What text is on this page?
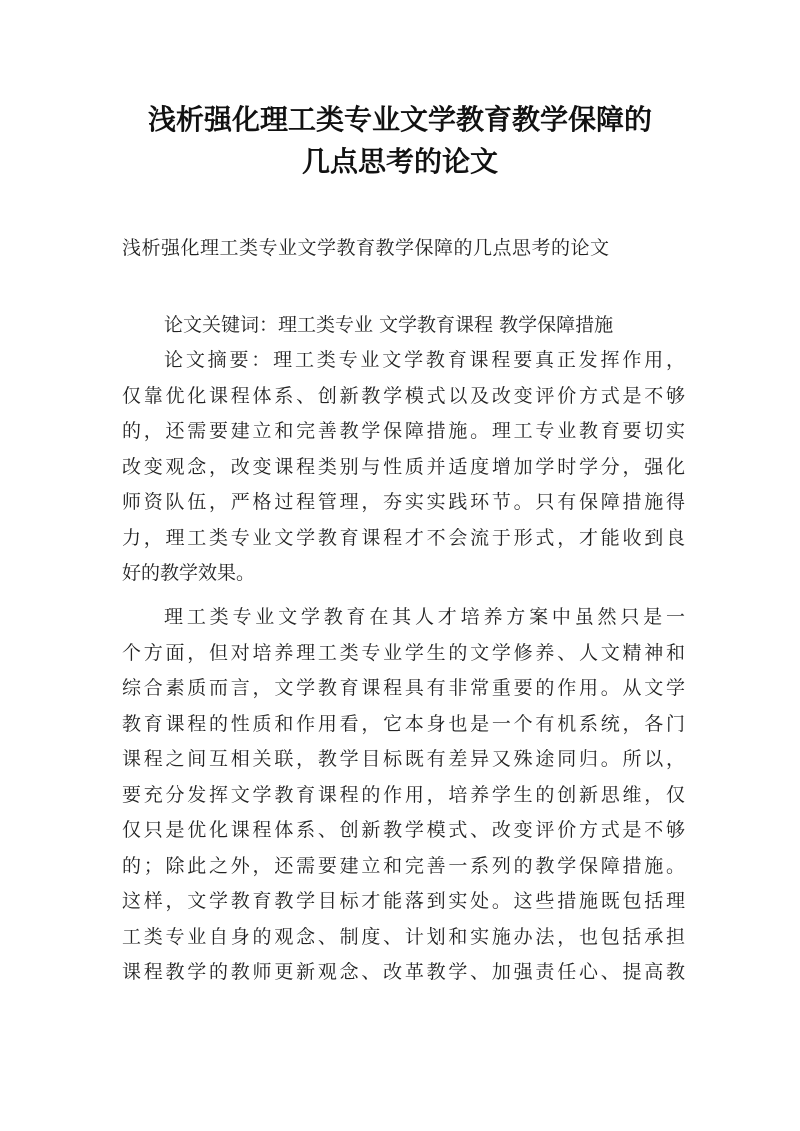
浅析强化理工类专业文学教育教学保障的
几点思考的论文
浅析强化理工类专业文学教育教学保障的几点思考的论文
论文关键词：理工类专业 文学教育课程 教学保障措施
论文摘要：理工类专业文学教育课程要真正发挥作用，
仅靠优化课程体系、创新教学模式以及改变评价方式是不够
的，还需要建立和完善教学保障措施。理工专业教育要切实
改变观念，改变课程类别与性质并适度增加学时学分，强化
师资队伍，严格过程管理，夯实实践环节。只有保障措施得
力，理工类专业文学教育课程才不会流于形式，才能收到良
好的教学效果。
理工类专业文学教育在其人才培养方案中虽然只是一
个方面，但对培养理工类专业学生的文学修养、人文精神和
综合素质而言，文学教育课程具有非常重要的作用。从文学
教育课程的性质和作用看，它本身也是一个有机系统，各门
课程之间互相关联，教学目标既有差异又殊途同归。所以，
要充分发挥文学教育课程的作用，培养学生的创新思维，仅
仅只是优化课程体系、创新教学模式、改变评价方式是不够
的；除此之外，还需要建立和完善一系列的教学保障措施。
这样，文学教育教学目标才能落到实处。这些措施既包括理
工类专业自身的观念、制度、计划和实施办法，也包括承担
课程教学的教师更新观念、改革教学、加强责任心、提高教
